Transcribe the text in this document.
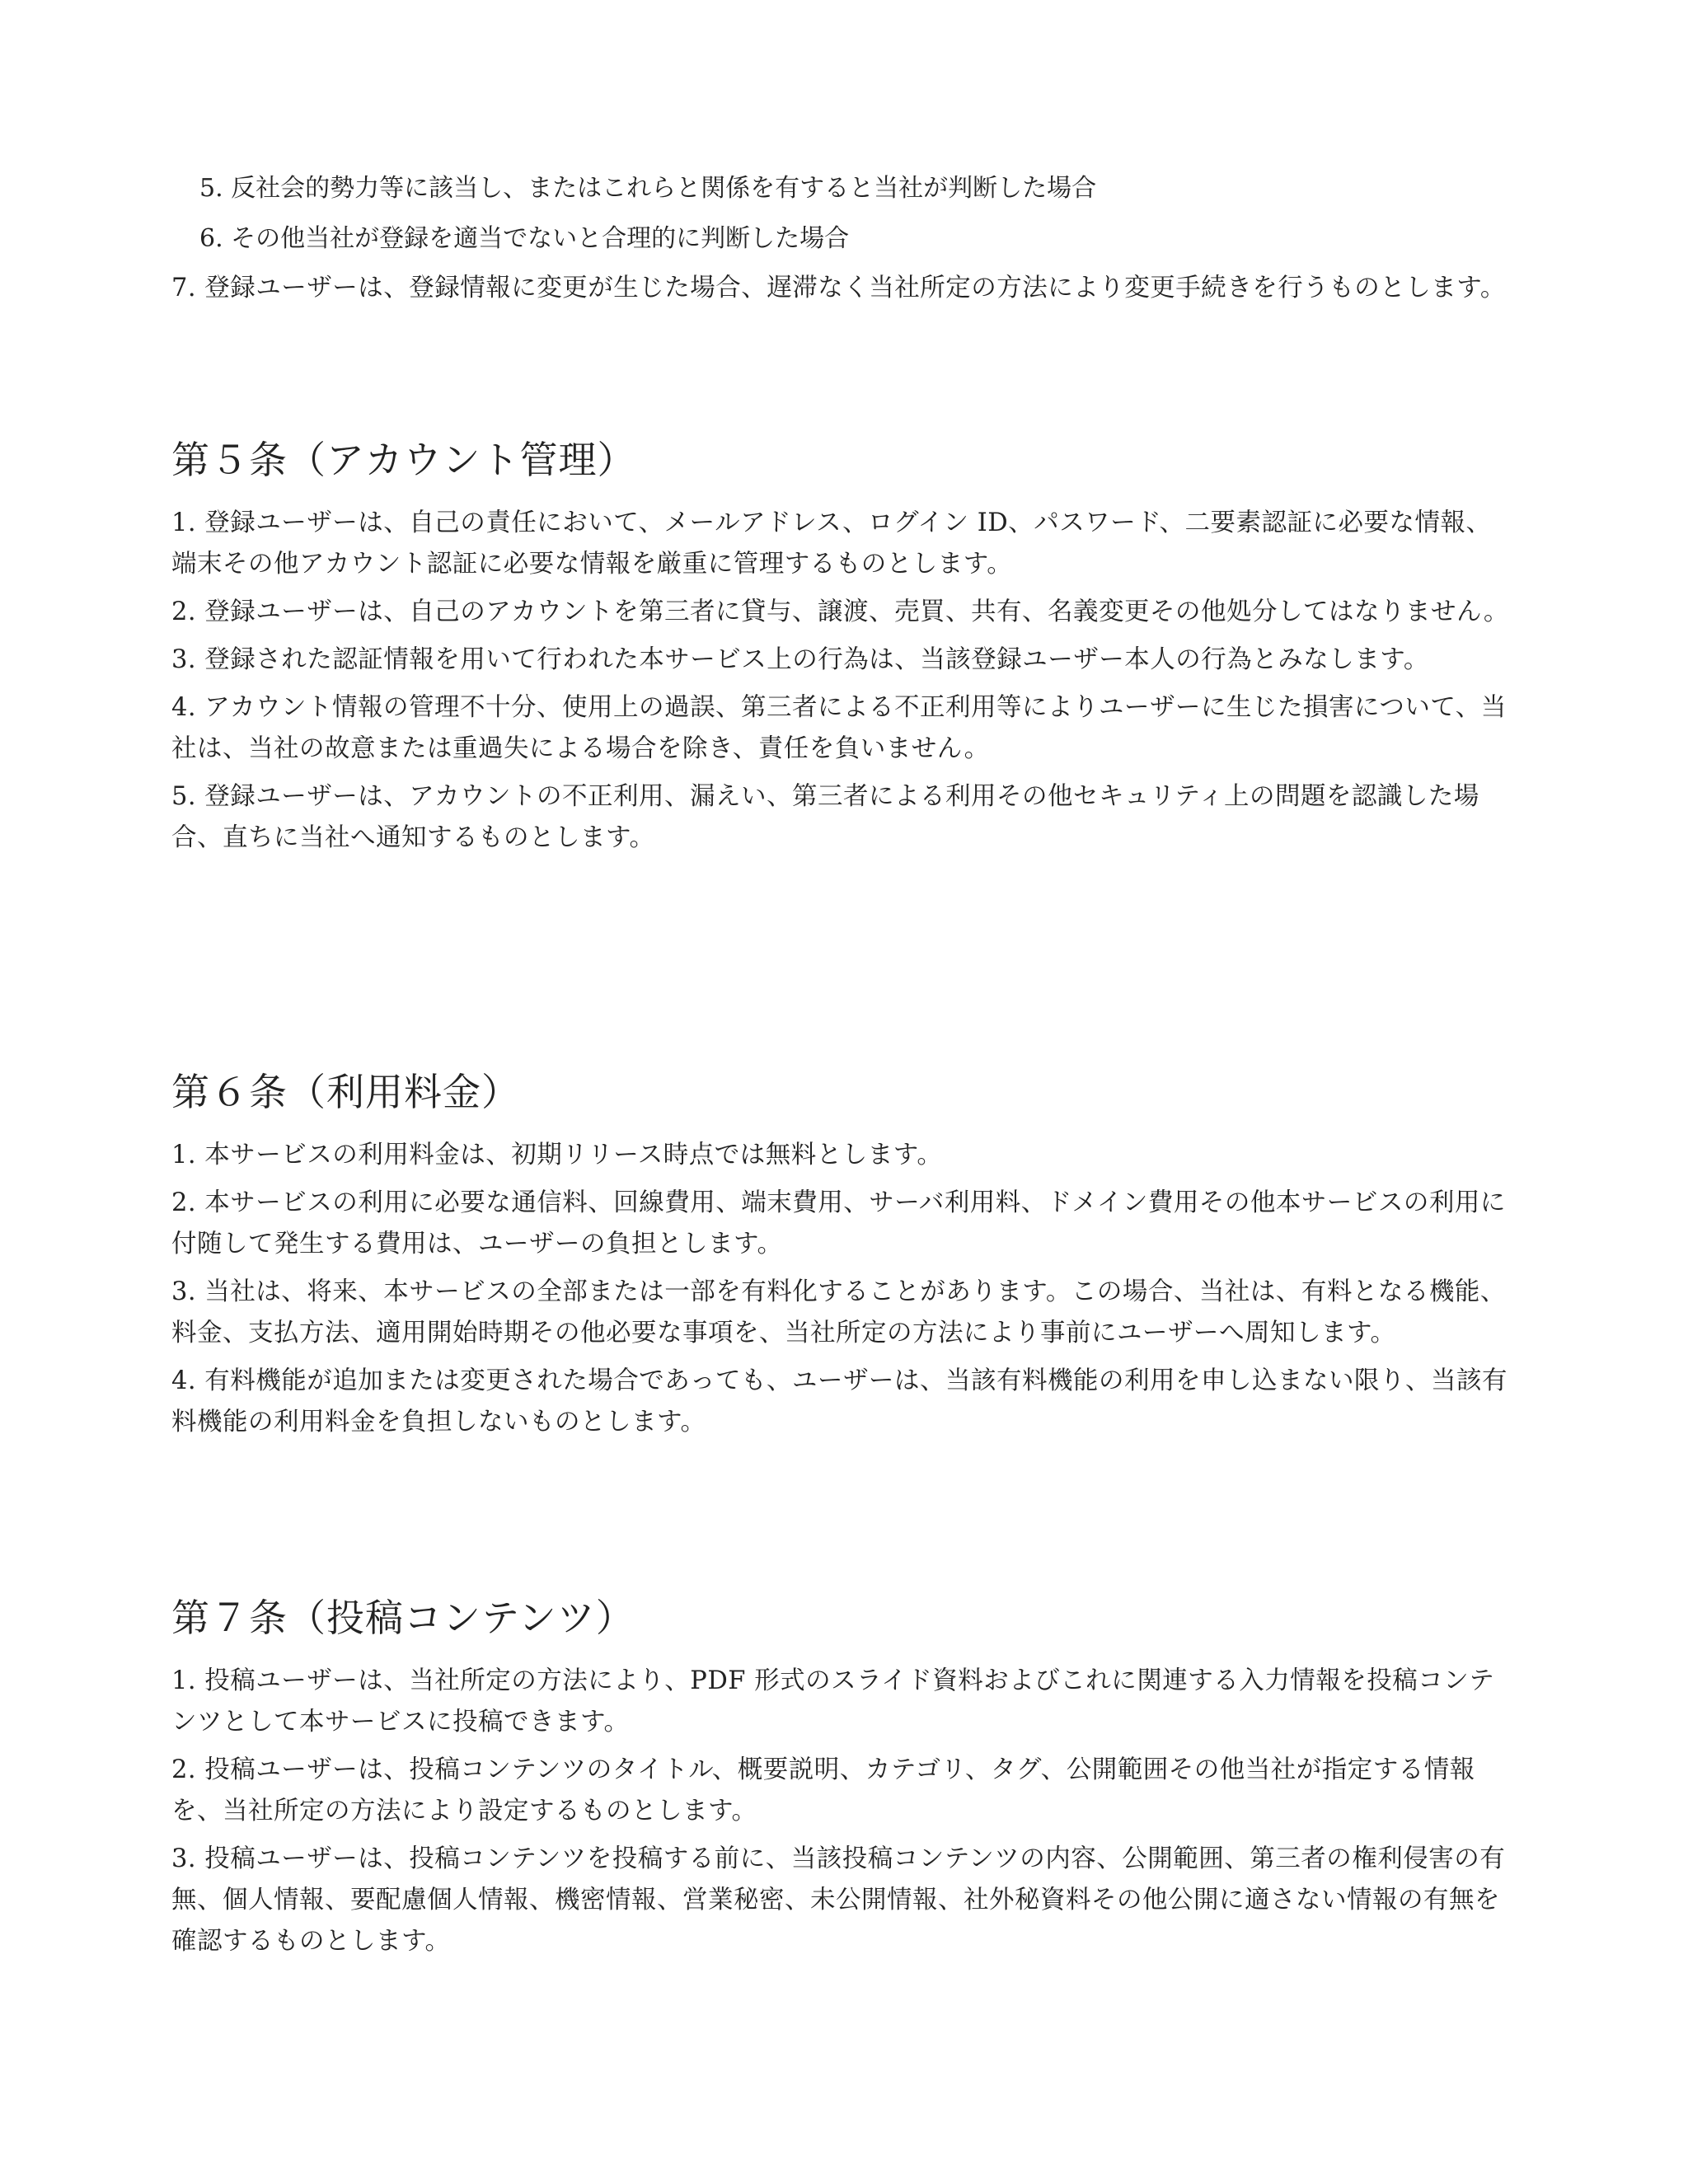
5. 反社会的勢力等に該当し、またはこれらと関係を有すると当社が判断した場合
6. その他当社が登録を適当でないと合理的に判断した場合

7. 登録ユーザーは、登録情報に変更が生じた場合、遅滞なく当社所定の方法により変更手続きを行うものとします。

第５条（アカウント管理）

1. 登録ユーザーは、自己の責任において、メールアドレス、ログイン ID、パスワード、二要素認証に必要な情報、端末その他アカウント認証に必要な情報を厳重に管理するものとします。

2. 登録ユーザーは、自己のアカウントを第三者に貸与、譲渡、売買、共有、名義変更その他処分してはなりません。

3. 登録された認証情報を用いて行われた本サービス上の行為は、当該登録ユーザー本人の行為とみなします。

4. アカウント情報の管理不十分、使用上の過誤、第三者による不正利用等によりユーザーに生じた損害について、当社は、当社の故意または重過失による場合を除き、責任を負いません。

5. 登録ユーザーは、アカウントの不正利用、漏えい、第三者による利用その他セキュリティ上の問題を認識した場合、直ちに当社へ通知するものとします。

第６条（利用料金）

1. 本サービスの利用料金は、初期リリース時点では無料とします。

2. 本サービスの利用に必要な通信料、回線費用、端末費用、サーバ利用料、ドメイン費用その他本サービスの利用に付随して発生する費用は、ユーザーの負担とします。

3. 当社は、将来、本サービスの全部または一部を有料化することがあります。この場合、当社は、有料となる機能、料金、支払方法、適用開始時期その他必要な事項を、当社所定の方法により事前にユーザーへ周知します。

4. 有料機能が追加または変更された場合であっても、ユーザーは、当該有料機能の利用を申し込まない限り、当該有料機能の利用料金を負担しないものとします。

第７条（投稿コンテンツ）

1. 投稿ユーザーは、当社所定の方法により、PDF 形式のスライド資料およびこれに関連する入力情報を投稿コンテンツとして本サービスに投稿できます。

2. 投稿ユーザーは、投稿コンテンツのタイトル、概要説明、カテゴリ、タグ、公開範囲その他当社が指定する情報を、当社所定の方法により設定するものとします。

3. 投稿ユーザーは、投稿コンテンツを投稿する前に、当該投稿コンテンツの内容、公開範囲、第三者の権利侵害の有無、個人情報、要配慮個人情報、機密情報、営業秘密、未公開情報、社外秘資料その他公開に適さない情報の有無を確認するものとします。
